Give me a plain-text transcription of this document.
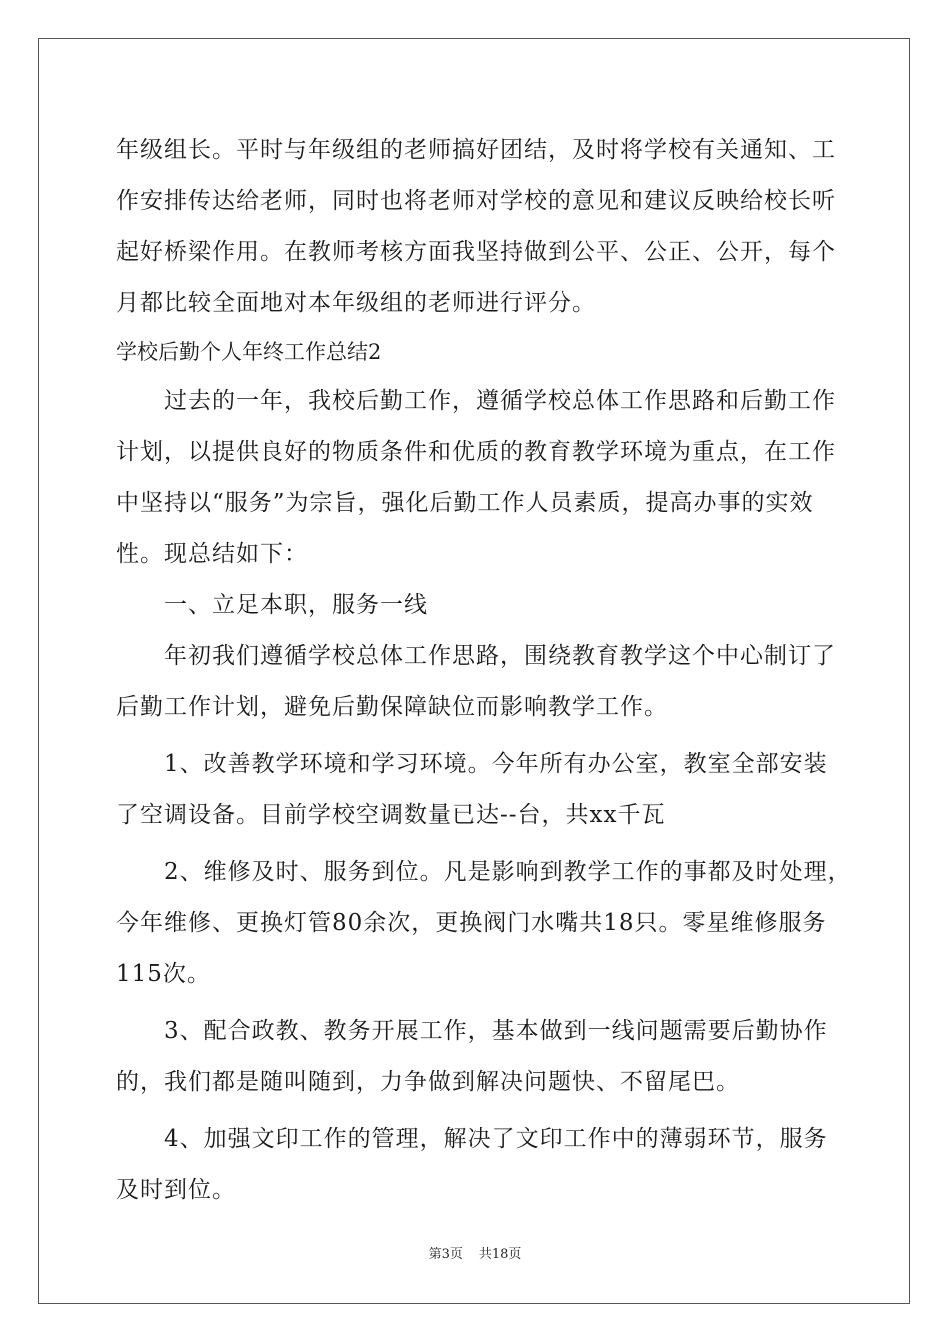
年级组长。平时与年级组的老师搞好团结，及时将学校有关通知、工
作安排传达给老师，同时也将老师对学校的意见和建议反映给校长听
起好桥梁作用。在教师考核方面我坚持做到公平、公正、公开，每个
月都比较全面地对本年级组的老师进行评分。
学校后勤个人年终工作总结2
过去的一年，我校后勤工作，遵循学校总体工作思路和后勤工作
计划，以提供良好的物质条件和优质的教育教学环境为重点，在工作
中坚持以“服务”为宗旨，强化后勤工作人员素质，提高办事的实效
性。现总结如下：
一、立足本职，服务一线
年初我们遵循学校总体工作思路，围绕教育教学这个中心制订了
后勤工作计划，避免后勤保障缺位而影响教学工作。
1、改善教学环境和学习环境。今年所有办公室，教室全部安装
了空调设备。目前学校空调数量已达--台，共xx千瓦
2、维修及时、服务到位。凡是影响到教学工作的事都及时处理，
今年维修、更换灯管80余次，更换阀门水嘴共18只。零星维修服务
115次。
3、配合政教、教务开展工作，基本做到一线问题需要后勤协作
的，我们都是随叫随到，力争做到解决问题快、不留尾巴。
4、加强文印工作的管理，解决了文印工作中的薄弱环节，服务
及时到位。
第3页 共18页
